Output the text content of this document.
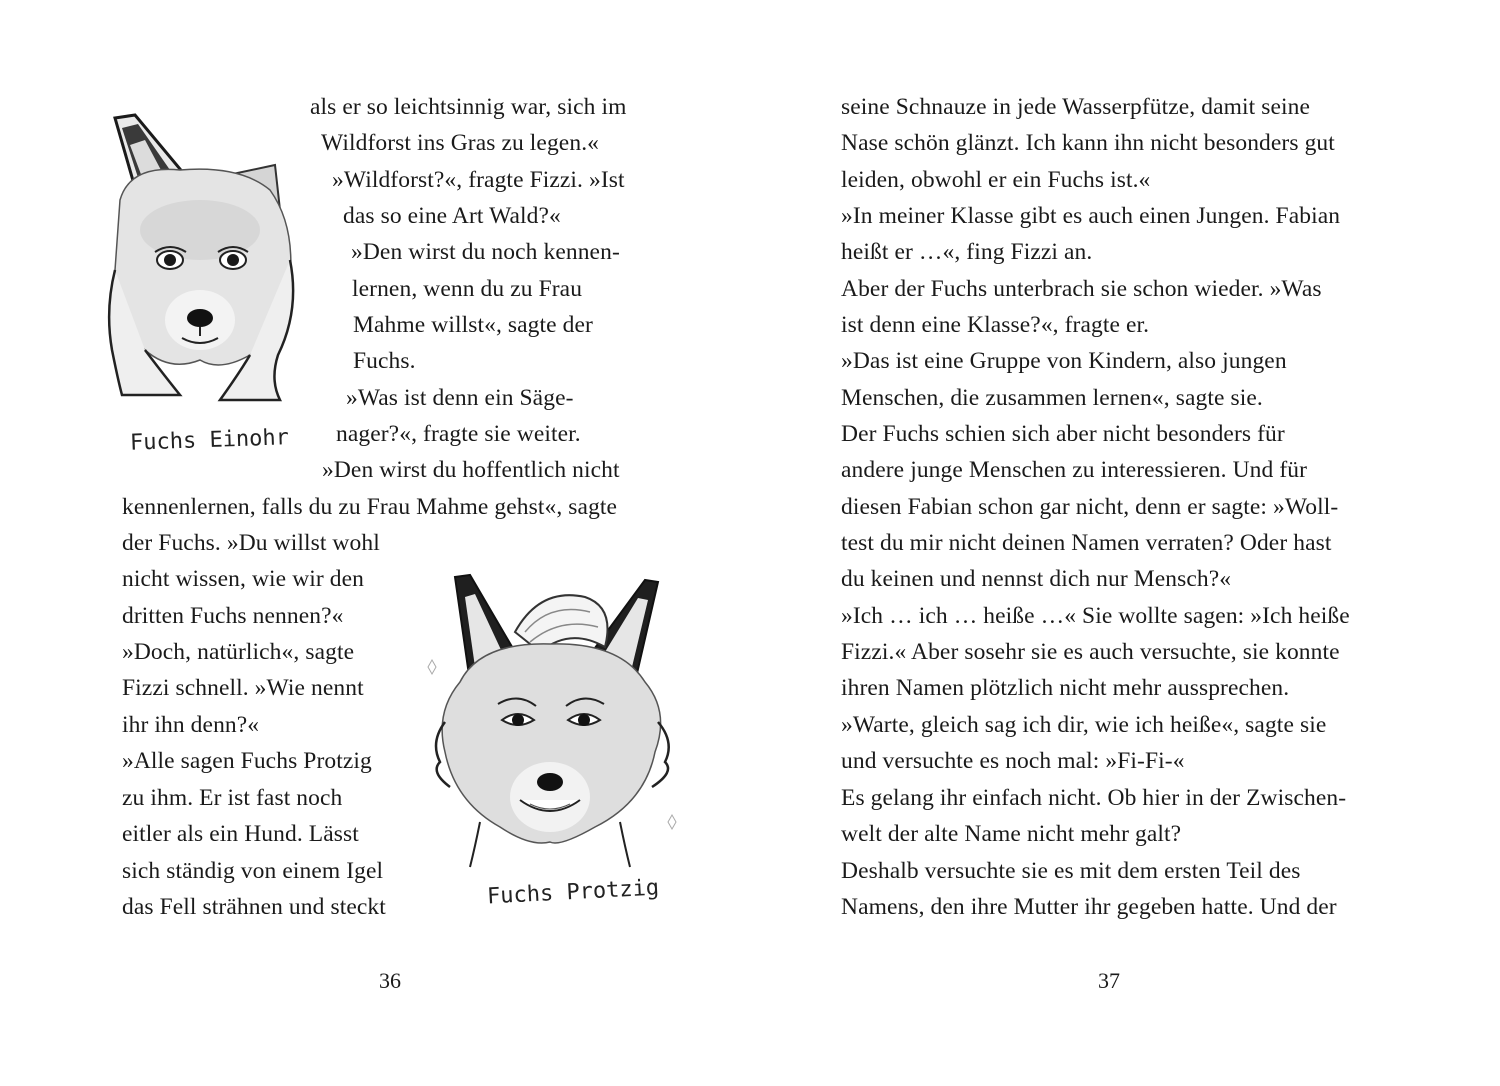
Fuchs Einohr
Fuchs Protzig
als er so leichtsinnig war, sich im
Wildforst ins Gras zu legen.«
»Wildforst?«, fragte Fizzi. »Ist
das so eine Art Wald?«
»Den wirst du noch kennen-
lernen, wenn du zu Frau
Mahme willst«, sagte der
Fuchs.
»Was ist denn ein Säge-
nager?«, fragte sie weiter.
»Den wirst du hoffentlich nicht
kennenlernen, falls du zu Frau Mahme gehst«, sagte
der Fuchs. »Du willst wohl
nicht wissen, wie wir den
dritten Fuchs nennen?«
»Doch, natürlich«, sagte
Fizzi schnell. »Wie nennt
ihr ihn denn?«
»Alle sagen Fuchs Protzig
zu ihm. Er ist fast noch
eitler als ein Hund. Lässt
sich ständig von einem Igel
das Fell strähnen und steckt
36
seine Schnauze in jede Wasserpfütze, damit seine
Nase schön glänzt. Ich kann ihn nicht besonders gut
leiden, obwohl er ein Fuchs ist.«
»In meiner Klasse gibt es auch einen Jungen. Fabian
heißt er …«, fing Fizzi an.
Aber der Fuchs unterbrach sie schon wieder. »Was
ist denn eine Klasse?«, fragte er.
»Das ist eine Gruppe von Kindern, also jungen
Menschen, die zusammen lernen«, sagte sie.
Der Fuchs schien sich aber nicht besonders für
andere junge Menschen zu interessieren. Und für
diesen Fabian schon gar nicht, denn er sagte: »Woll-
test du mir nicht deinen Namen verraten? Oder hast
du keinen und nennst dich nur Mensch?«
»Ich … ich … heiße …« Sie wollte sagen: »Ich heiße
Fizzi.« Aber sosehr sie es auch versuchte, sie konnte
ihren Namen plötzlich nicht mehr aussprechen.
»Warte, gleich sag ich dir, wie ich heiße«, sagte sie
und versuchte es noch mal: »Fi-Fi-«
Es gelang ihr einfach nicht. Ob hier in der Zwischen-
welt der alte Name nicht mehr galt?
Deshalb versuchte sie es mit dem ersten Teil des
Namens, den ihre Mutter ihr gegeben hatte. Und der
37
